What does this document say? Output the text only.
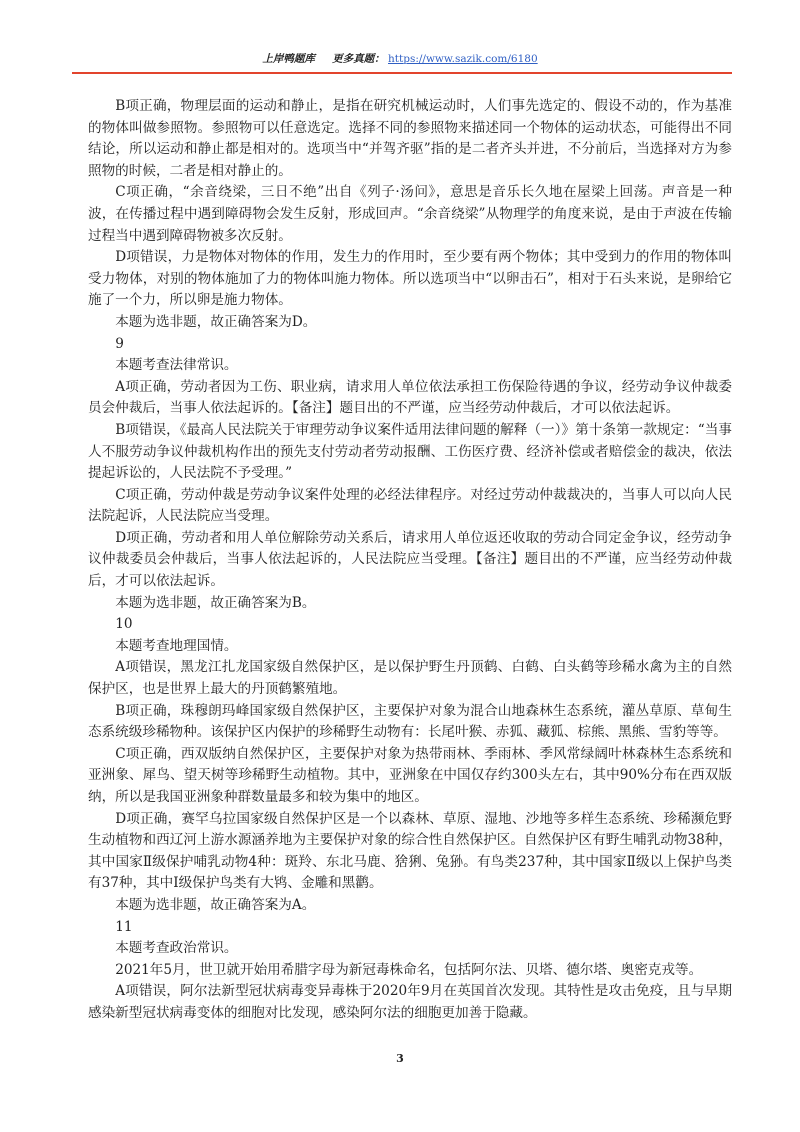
上岸鸭题库 更多真题： https://www.sazik.com/6180

B项正确，物理层面的运动和静止，是指在研究机械运动时，人们事先选定的、假设不动的，作为基准的物体叫做参照物。参照物可以任意选定。选择不同的参照物来描述同一个物体的运动状态，可能得出不同结论，所以运动和静止都是相对的。选项当中“并驾齐驱”指的是二者齐头并进，不分前后，当选择对方为参照物的时候，二者是相对静止的。

C项正确，“余音绕梁，三日不绝”出自《列子·汤问》，意思是音乐长久地在屋梁上回荡。声音是一种波，在传播过程中遇到障碍物会发生反射，形成回声。“余音绕梁”从物理学的角度来说，是由于声波在传输过程当中遇到障碍物被多次反射。

D项错误，力是物体对物体的作用，发生力的作用时，至少要有两个物体；其中受到力的作用的物体叫受力物体，对别的物体施加了力的物体叫施力物体。所以选项当中“以卵击石”，相对于石头来说，是卵给它施了一个力，所以卵是施力物体。

本题为选非题，故正确答案为D。

9

本题考查法律常识。

A项正确，劳动者因为工伤、职业病，请求用人单位依法承担工伤保险待遇的争议，经劳动争议仲裁委员会仲裁后，当事人依法起诉的。【备注】题目出的不严谨，应当经劳动仲裁后，才可以依法起诉。

B项错误，《最高人民法院关于审理劳动争议案件适用法律问题的解释（一）》第十条第一款规定：“当事人不服劳动争议仲裁机构作出的预先支付劳动者劳动报酬、工伤医疗费、经济补偿或者赔偿金的裁决，依法提起诉讼的，人民法院不予受理。”

C项正确，劳动仲裁是劳动争议案件处理的必经法律程序。对经过劳动仲裁裁决的，当事人可以向人民法院起诉，人民法院应当受理。

D项正确，劳动者和用人单位解除劳动关系后，请求用人单位返还收取的劳动合同定金争议，经劳动争议仲裁委员会仲裁后，当事人依法起诉的，人民法院应当受理。【备注】题目出的不严谨，应当经劳动仲裁后，才可以依法起诉。

本题为选非题，故正确答案为B。

10

本题考查地理国情。

A项错误，黑龙江扎龙国家级自然保护区，是以保护野生丹顶鹤、白鹤、白头鹤等珍稀水禽为主的自然保护区，也是世界上最大的丹顶鹤繁殖地。

B项正确，珠穆朗玛峰国家级自然保护区，主要保护对象为混合山地森林生态系统，灌丛草原、草甸生态系统级珍稀物种。该保护区内保护的珍稀野生动物有：长尾叶猴、赤狐、藏狐、棕熊、黑熊、雪豹等等。

C项正确，西双版纳自然保护区，主要保护对象为热带雨林、季雨林、季风常绿阔叶林森林生态系统和亚洲象、犀鸟、望天树等珍稀野生动植物。其中，亚洲象在中国仅存约300头左右，其中90%分布在西双版纳，所以是我国亚洲象种群数量最多和较为集中的地区。

D项正确，赛罕乌拉国家级自然保护区是一个以森林、草原、湿地、沙地等多样生态系统、珍稀濒危野生动植物和西辽河上游水源涵养地为主要保护对象的综合性自然保护区。自然保护区有野生哺乳动物38种，其中国家Ⅱ级保护哺乳动物4种：斑羚、东北马鹿、猞猁、兔狲。有鸟类237种，其中国家Ⅱ级以上保护鸟类有37种，其中Ⅰ级保护鸟类有大鸨、金雕和黑鹳。

本题为选非题，故正确答案为A。

11

本题考查政治常识。

2021年5月，世卫就开始用希腊字母为新冠毒株命名，包括阿尔法、贝塔、德尔塔、奥密克戎等。

A项错误，阿尔法新型冠状病毒变异毒株于2020年9月在英国首次发现。其特性是攻击免疫，且与早期感染新型冠状病毒变体的细胞对比发现，感染阿尔法的细胞更加善于隐藏。

3
